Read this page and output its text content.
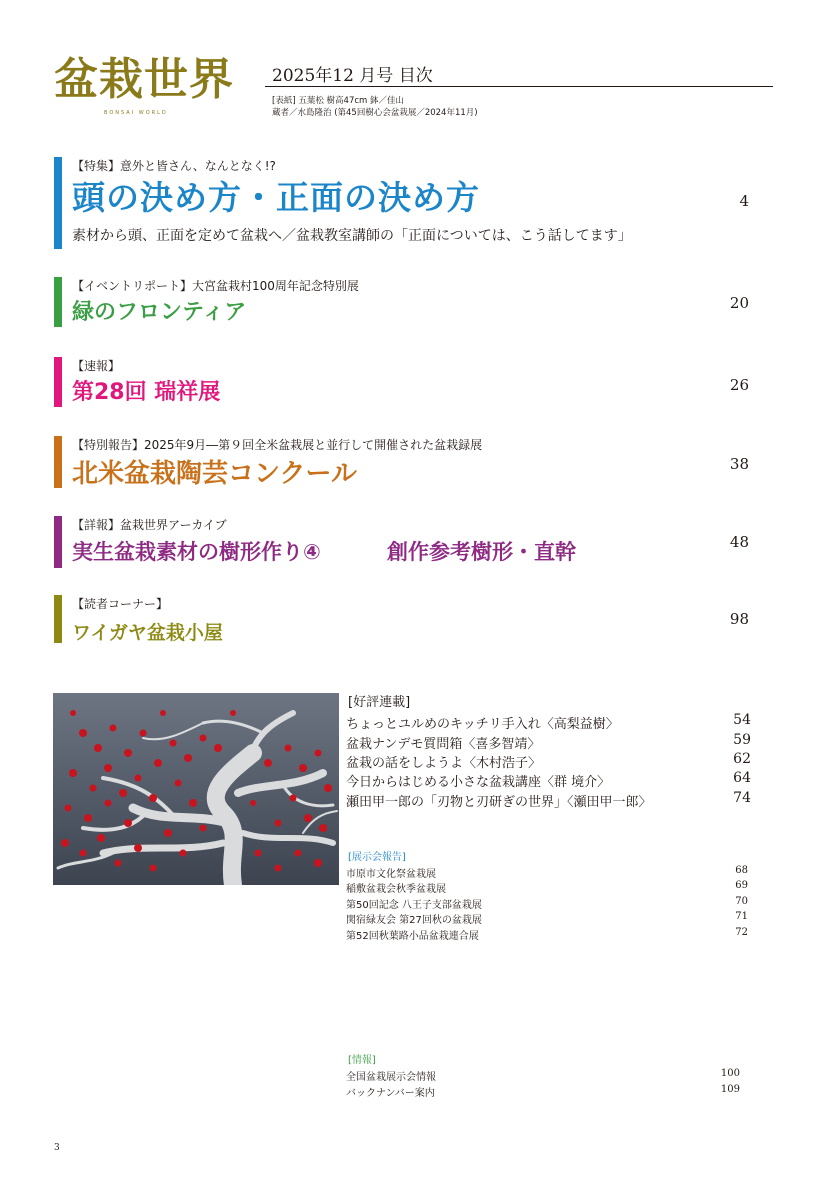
盆栽世界
BONSAI WORLD
2025年12 月号 目次
[表紙] 五葉松 樹高47cm 鉢／佳山
蔵者／水島隆治 (第45回樹心会盆栽展／2024年11月)
【特集】意外と皆さん、なんとなく!?
頭の決め方・正面の決め方
素材から頭、正面を定めて盆栽へ／盆栽教室講師の「正面については、こう話してます」
4
【イベントリポート】大宮盆栽村100周年記念特別展
緑のフロンティア	20
【速報】
第28回 瑞祥展	26
【特別報告】2025年9月―第９回全米盆栽展と並行して開催された盆栽録展
北米盆栽陶芸コンクール	38
【詳報】盆栽世界アーカイブ
実生盆栽素材の樹形作り④	創作参考樹形・直幹	48
【読者コーナー】
ワイガヤ盆栽小屋
98
[好評連載]
ちょっとユルめのキッチリ手入れ〈高梨益樹〉	54
盆栽ナンデモ質問箱〈喜多智靖〉	59
盆栽の話をしようよ〈木村浩子〉	62
今日からはじめる小さな盆栽講座〈群 境介〉	64
瀬田甲一郎の「刃物と刃研ぎの世界」〈瀬田甲一郎〉	74
[展示会報告]
市原市文化祭盆栽展	68
稲敷盆栽会秋季盆栽展	69
第50回記念 八王子支部盆栽展	70
関宿緑友会 第27回秋の盆栽展	71
第52回秋葉路小品盆栽連合展	72
[情報]
全国盆栽展示会情報	100
バックナンバー案内	109
3
